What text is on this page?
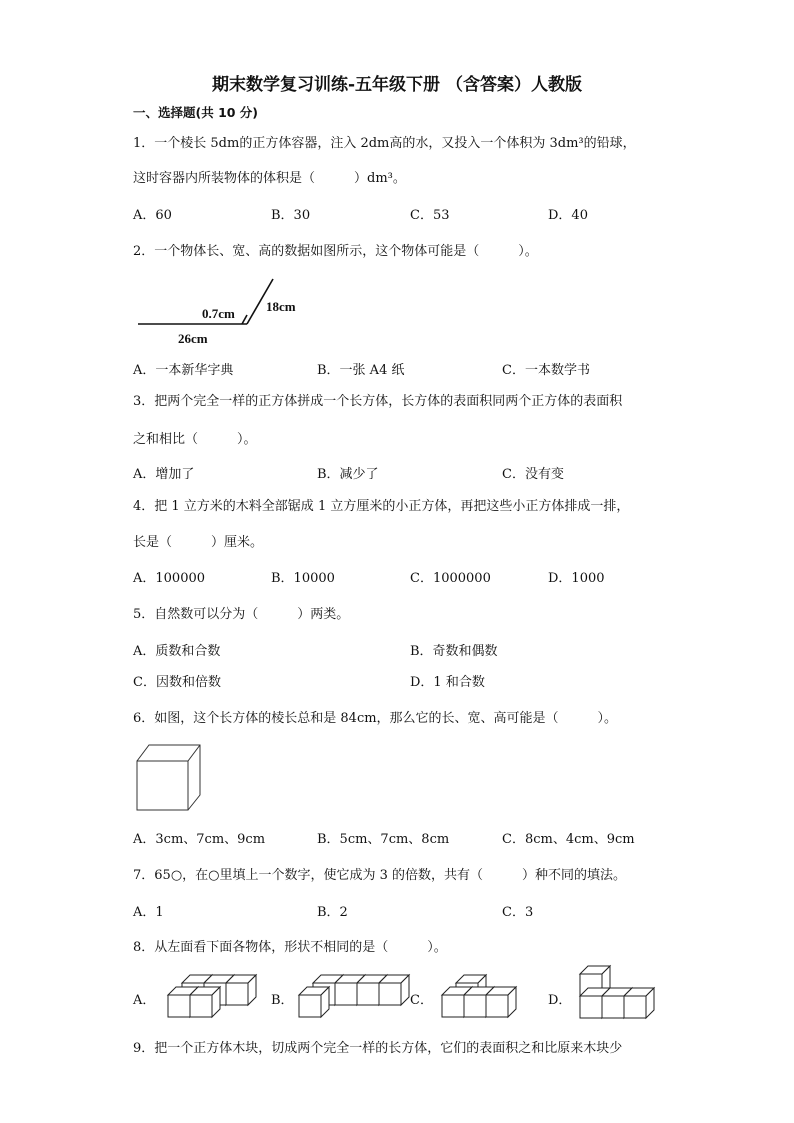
期末数学复习训练-五年级下册 （含答案）人教版
一、选择题(共 10 分)
1．一个棱长 5dm的正方体容器，注入 2dm高的水，又投入一个体积为 3dm³的铅球，
这时容器内所装物体的体积是（　　　）dm³。
A．60	B．30	C．53	D．40
2．一个物体长、宽、高的数据如图所示，这个物体可能是（　　　）。
0.7cm 18cm
26cm
A．一本新华字典	B．一张 A4 纸	C．一本数学书
3．把两个完全一样的正方体拼成一个长方体，长方体的表面积同两个正方体的表面积
之和相比（　　　）。
A．增加了	B．减少了	C．没有变
4．把 1 立方米的木料全部锯成 1 立方厘米的小正方体，再把这些小正方体排成一排，
长是（　　　）厘米。
A．100000	B．10000	C．1000000	D．1000
5．自然数可以分为（　　　）两类。
A．质数和合数	B．奇数和偶数
C．因数和倍数	D．1 和合数
6．如图，这个长方体的棱长总和是 84cm，那么它的长、宽、高可能是（　　　）。
A．3cm、7cm、9cm	B．5cm、7cm、8cm	C．8cm、4cm、9cm
7．65○，在○里填上一个数字，使它成为 3 的倍数，共有（　　　）种不同的填法。
A．1	B．2	C．3
8．从左面看下面各物体，形状不相同的是（　　　）。
A．	B．	C．	D．
9．把一个正方体木块，切成两个完全一样的长方体，它们的表面积之和比原来木块少
